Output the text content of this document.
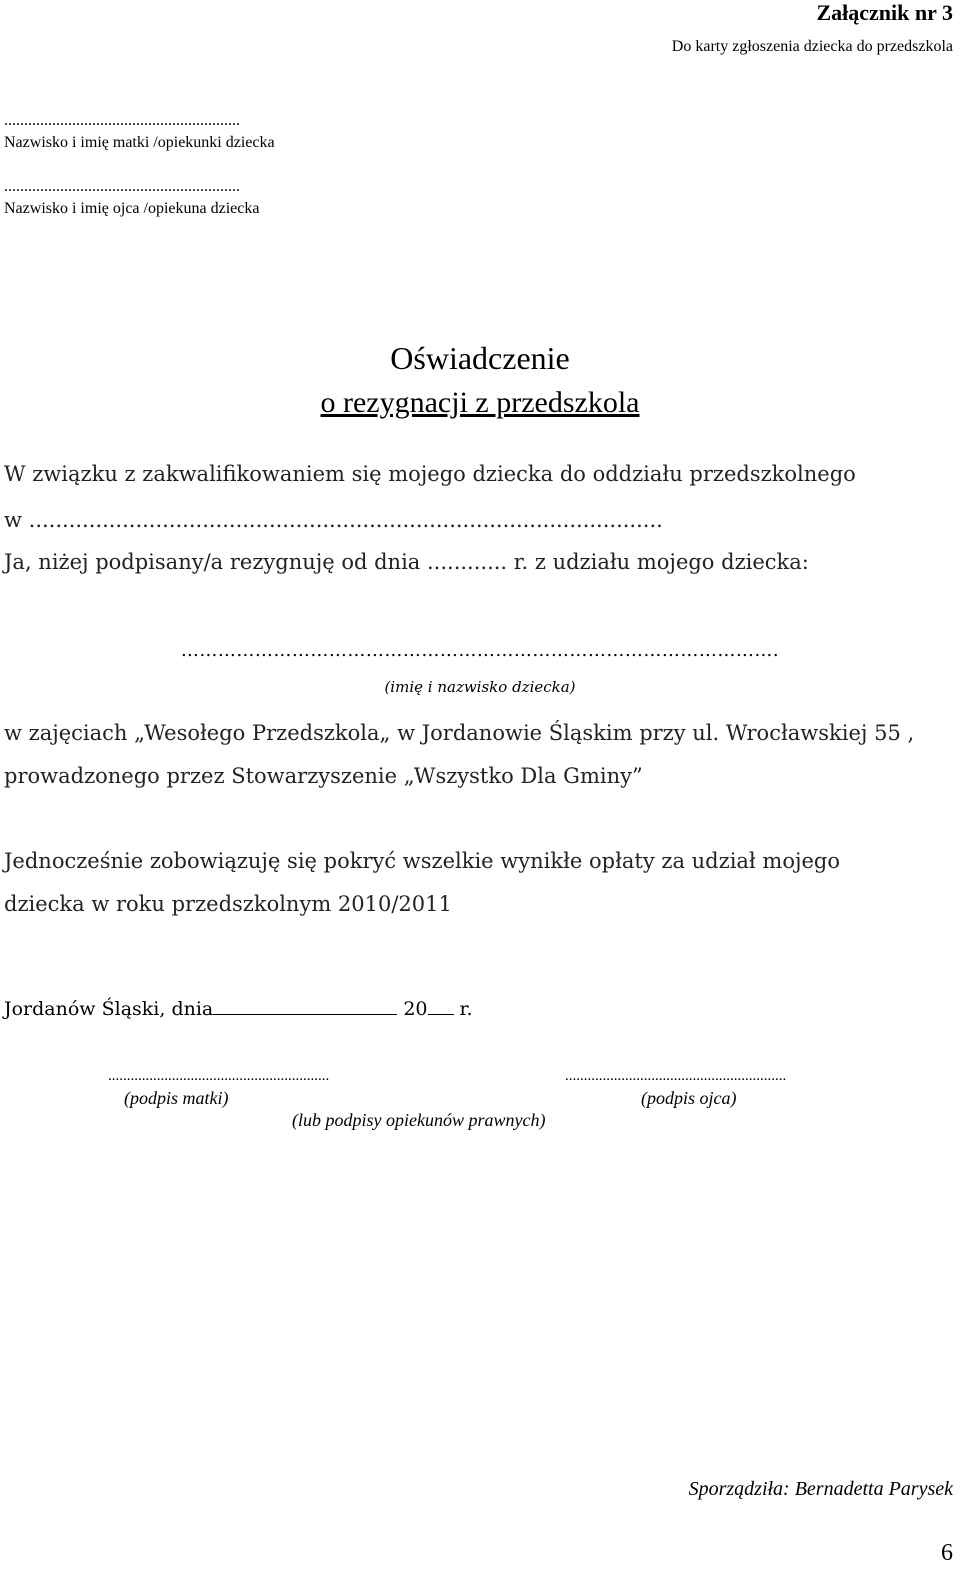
Załącznik nr 3
Do karty zgłoszenia dziecka do przedszkola
...........................................................
Nazwisko i imię matki /opiekunki dziecka
...........................................................
Nazwisko i imię ojca /opiekuna dziecka
Oświadczenie
o rezygnacji z przedszkola
W związku z zakwalifikowaniem się mojego dziecka do oddziału przedszkolnego
w ...............................................................................................
Ja, niżej podpisany/a rezygnuję od dnia ............ r. z udziału mojego dziecka:
…………………………………………………………………………………….
(imię i nazwisko dziecka)
w zajęciach „Wesołego Przedszkola„ w Jordanowie Śląskim przy ul. Wrocławskiej 55 ,
prowadzonego przez Stowarzyszenie „Wszystko Dla Gminy”
Jednocześnie zobowiązuję się pokryć wszelkie wynikłe opłaty za udział mojego
dziecka w roku przedszkolnym 2010/2011
Jordanów Śląski, dnia	20 r.
...........................................................	...........................................................
(podpis matki)	(podpis ojca)
(lub podpisy opiekunów prawnych)
Sporządziła: Bernadetta Parysek
6
